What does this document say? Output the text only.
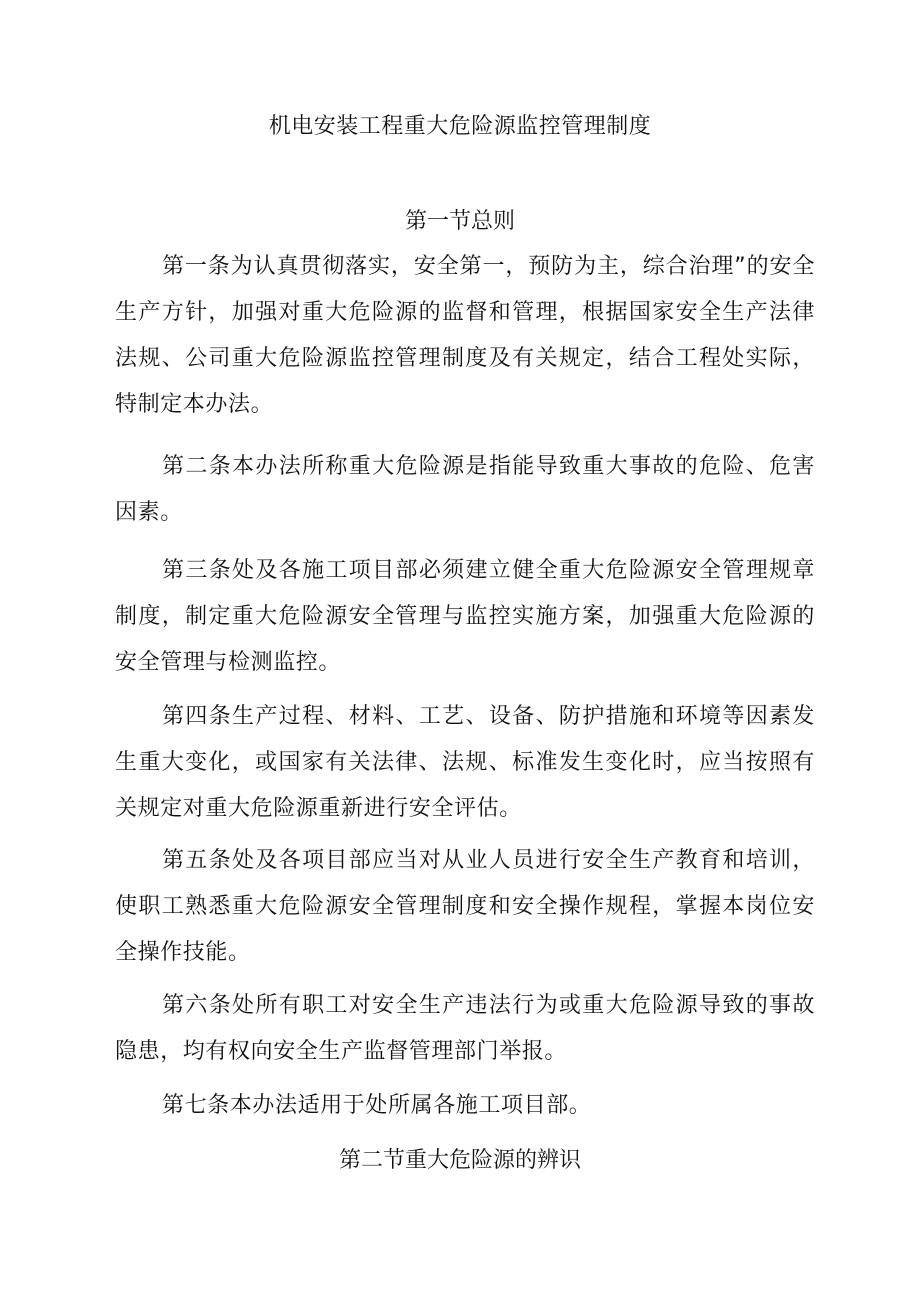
机电安装工程重大危险源监控管理制度
第一节总则

第一条为认真贯彻落实，安全第一，预防为主，综合治理”的安全生产方针，加强对重大危险源的监督和管理，根据国家安全生产法律法规、公司重大危险源监控管理制度及有关规定，结合工程处实际，特制定本办法。

第二条本办法所称重大危险源是指能导致重大事故的危险、危害因素。

第三条处及各施工项目部必须建立健全重大危险源安全管理规章制度，制定重大危险源安全管理与监控实施方案，加强重大危险源的安全管理与检测监控。

第四条生产过程、材料、工艺、设备、防护措施和环境等因素发生重大变化，或国家有关法律、法规、标准发生变化时，应当按照有关规定对重大危险源重新进行安全评估。

第五条处及各项目部应当对从业人员进行安全生产教育和培训，使职工熟悉重大危险源安全管理制度和安全操作规程，掌握本岗位安全操作技能。

第六条处所有职工对安全生产违法行为或重大危险源导致的事故隐患，均有权向安全生产监督管理部门举报。

第七条本办法适用于处所属各施工项目部。

第二节重大危险源的辨识
